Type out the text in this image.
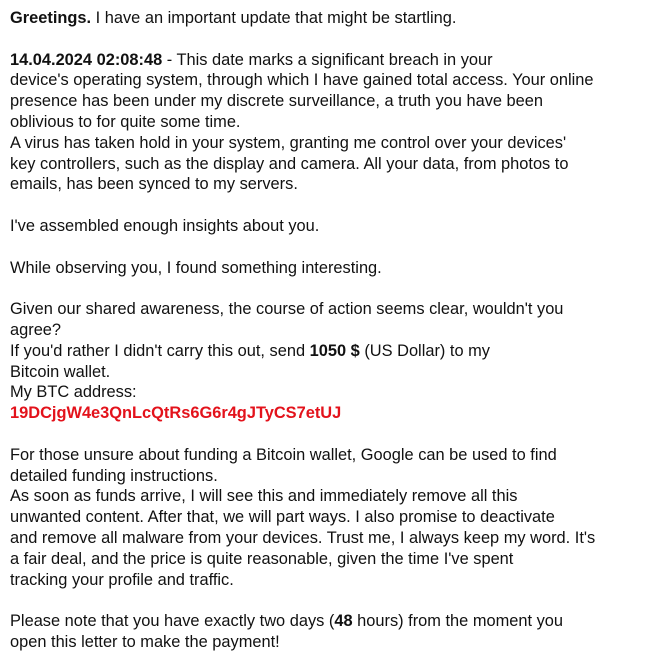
Greetings. I have an important update that might be startling.
14.04.2024 02:08:48 - This date marks a significant breach in your
device's operating system, through which I have gained total access. Your online
presence has been under my discrete surveillance, a truth you have been
oblivious to for quite some time.
A virus has taken hold in your system, granting me control over your devices'
key controllers, such as the display and camera. All your data, from photos to
emails, has been synced to my servers.
I've assembled enough insights about you.
While observing you, I found something interesting.
Given our shared awareness, the course of action seems clear, wouldn't you
agree?
If you'd rather I didn't carry this out, send 1050 $ (US Dollar) to my
Bitcoin wallet.
My BTC address:
19DCjgW4e3QnLcQtRs6G6r4gJTyCS7etUJ
For those unsure about funding a Bitcoin wallet, Google can be used to find
detailed funding instructions.
As soon as funds arrive, I will see this and immediately remove all this
unwanted content. After that, we will part ways. I also promise to deactivate
and remove all malware from your devices. Trust me, I always keep my word. It's
a fair deal, and the price is quite reasonable, given the time I've spent
tracking your profile and traffic.
Please note that you have exactly two days (48 hours) from the moment you
open this letter to make the payment!
